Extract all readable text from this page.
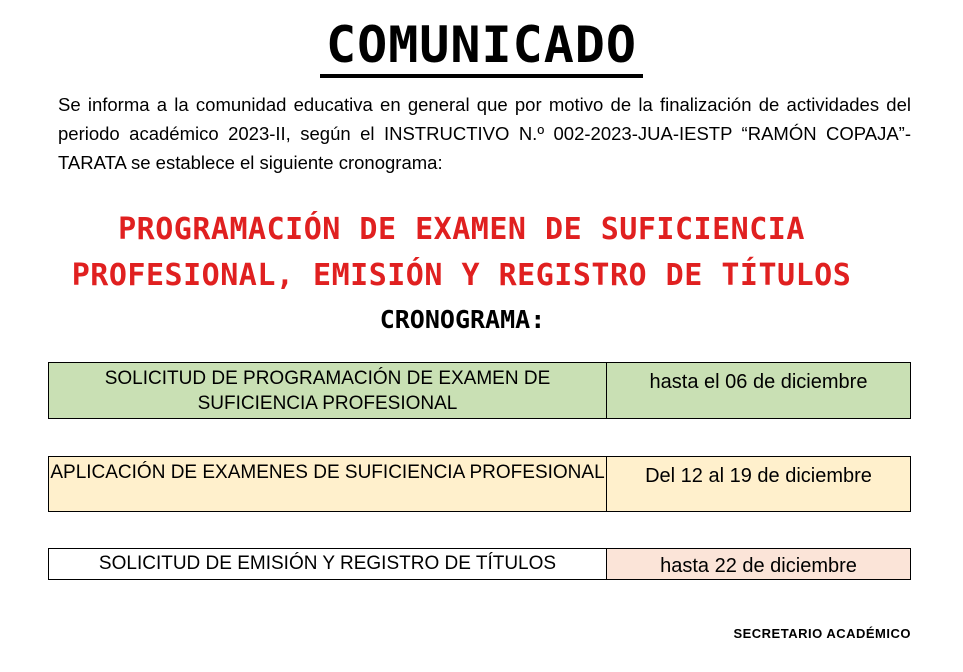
COMUNICADO
Se informa a la comunidad educativa en general que por motivo de la finalización de actividades del periodo académico 2023-II, según el INSTRUCTIVO N.º 002-2023-JUA-IESTP “RAMÓN COPAJA”-TARATA se establece el siguiente cronograma:
PROGRAMACIÓN DE EXAMEN DE SUFICIENCIA
PROFESIONAL, EMISIÓN Y REGISTRO DE TÍTULOS
CRONOGRAMA:
SOLICITUD DE PROGRAMACIÓN DE EXAMEN DE SUFICIENCIA PROFESIONAL
hasta el 06 de diciembre
APLICACIÓN DE EXAMENES DE SUFICIENCIA PROFESIONAL	Del 12 al 19 de diciembre
SOLICITUD DE EMISIÓN Y REGISTRO DE TÍTULOS	hasta 22 de diciembre
SECRETARIO ACADÉMICO
